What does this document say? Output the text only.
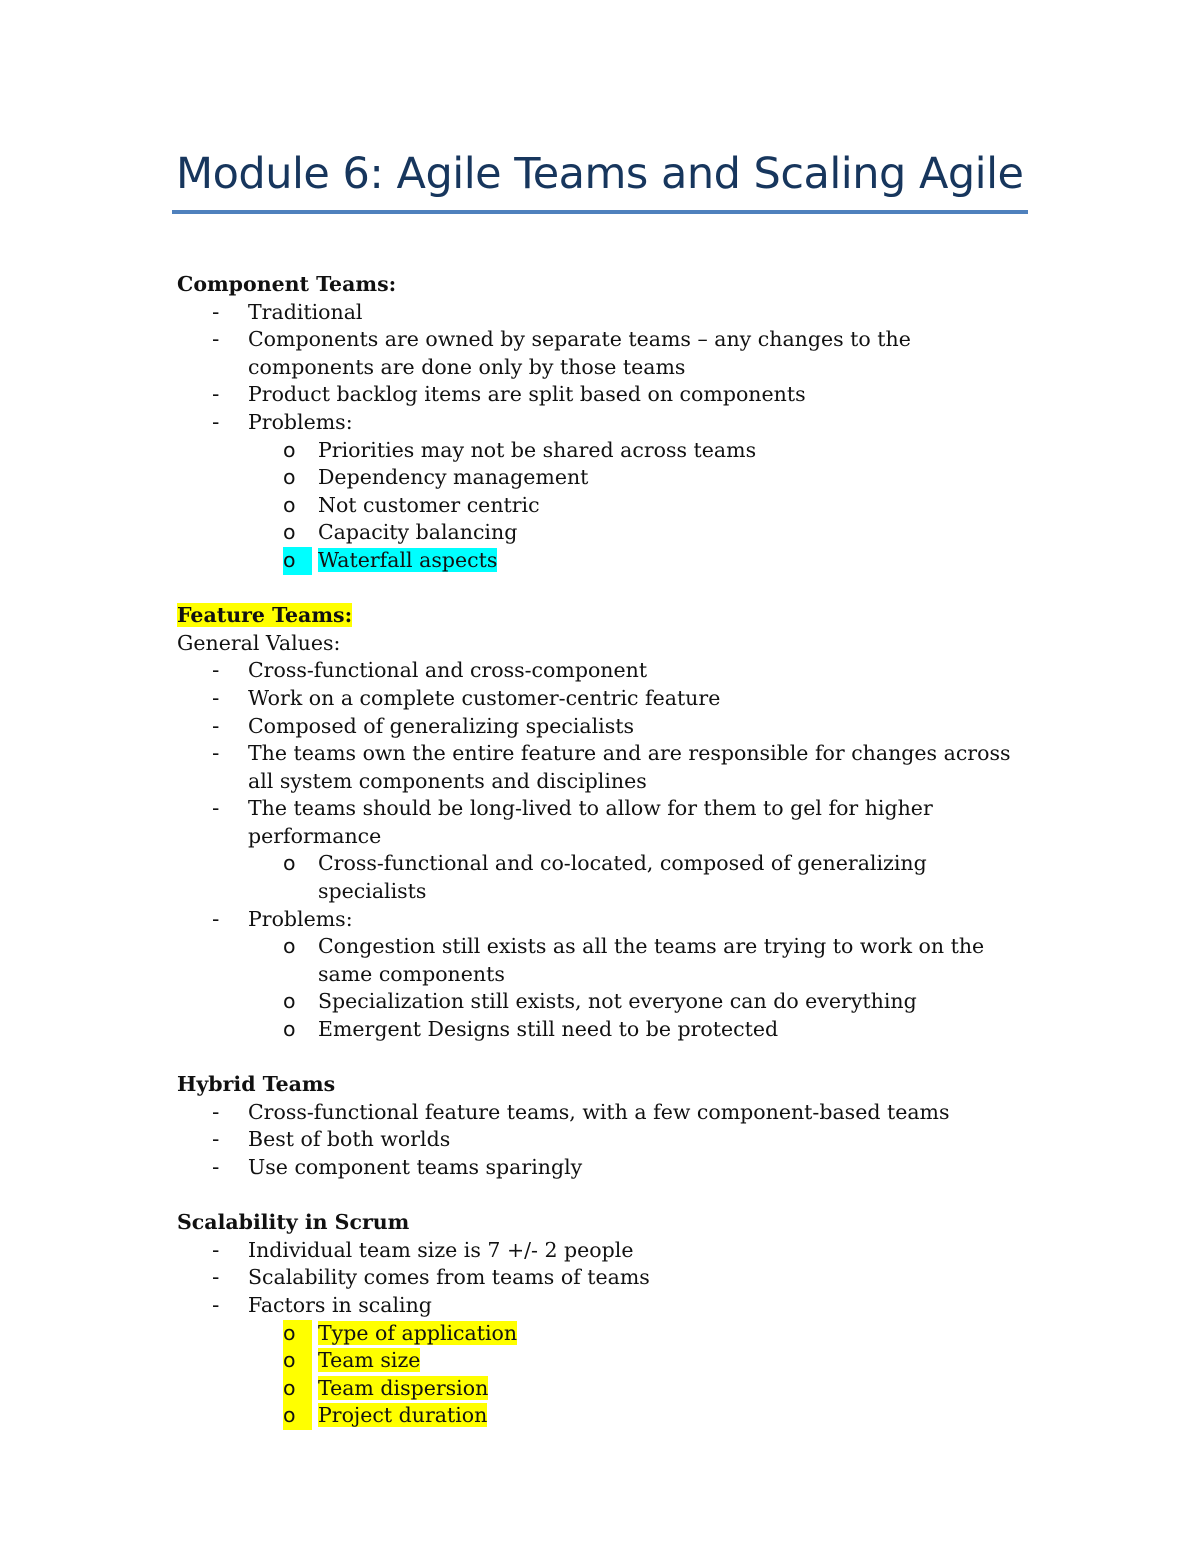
Module 6: Agile Teams and Scaling Agile
Component Teams:
- Traditional
- Components are owned by separate teams – any changes to the components are done only by those teams
- Product backlog items are split based on components
- Problems:
o Priorities may not be shared across teams
o Dependency management
o Not customer centric
o Capacity balancing
o	Waterfall aspects
Feature Teams:
General Values:
- Cross-functional and cross-component
- Work on a complete customer-centric feature
- Composed of generalizing specialists
- The teams own the entire feature and are responsible for changes across all system components and disciplines
- The teams should be long-lived to allow for them to gel for higher performance
o Cross-functional and co-located, composed of generalizing specialists
- Problems:
o Congestion still exists as all the teams are trying to work on the same components
o Specialization still exists, not everyone can do everything
o Emergent Designs still need to be protected
Hybrid Teams
- Cross-functional feature teams, with a few component-based teams
- Best of both worlds
- Use component teams sparingly
Scalability in Scrum
- Individual team size is 7 +/- 2 people
- Scalability comes from teams of teams
- Factors in scaling
o	Type of application
o	Team size
o	Team dispersion
o	Project duration
